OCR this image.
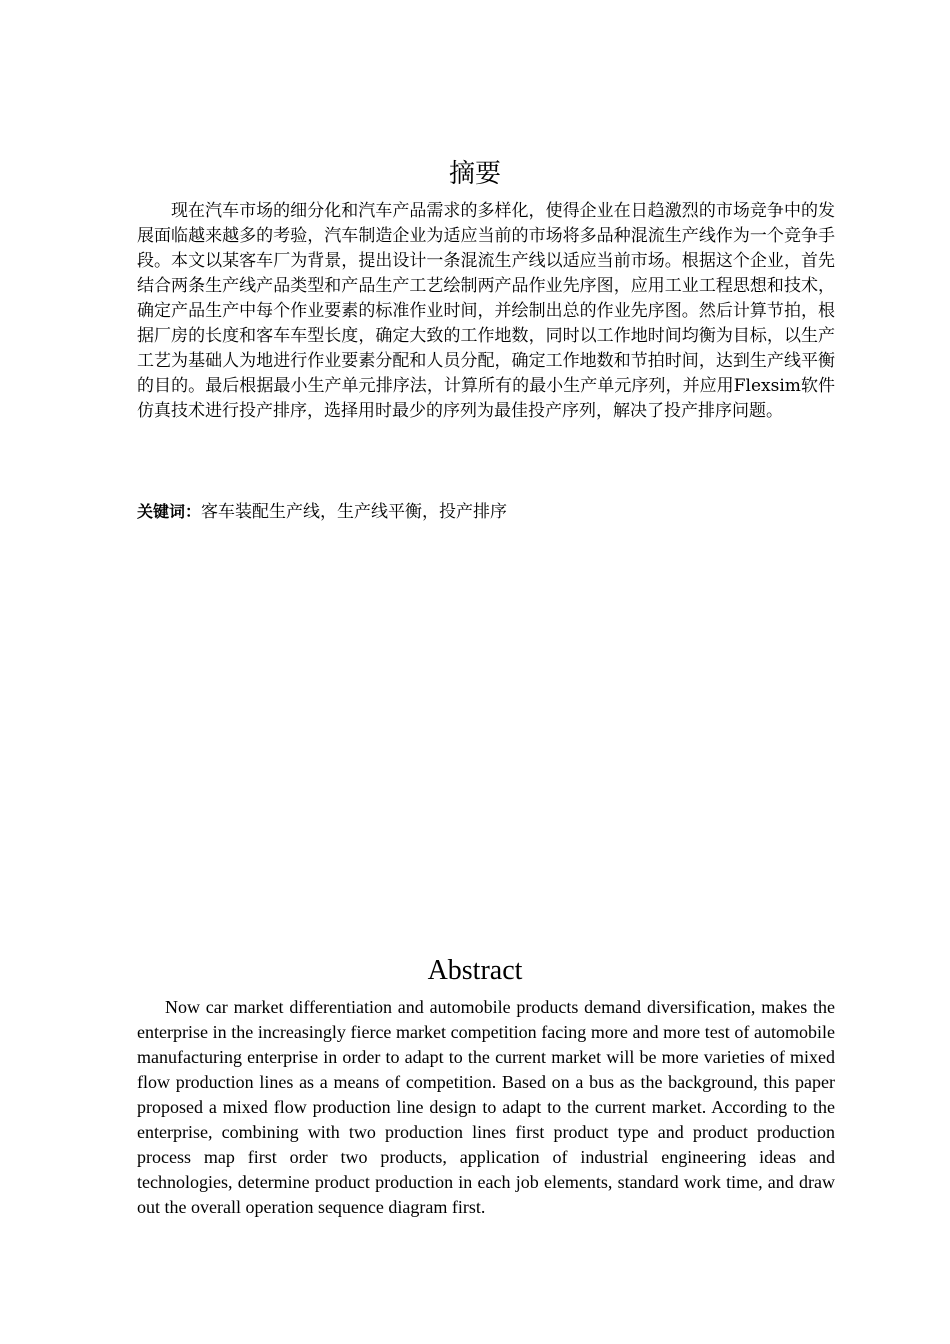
摘要

现在汽车市场的细分化和汽车产品需求的多样化，使得企业在日趋激烈的市场竞争中的发展面临越来越多的考验，汽车制造企业为适应当前的市场将多品种混流生产线作为一个竞争手段。本文以某客车厂为背景，提出设计一条混流生产线以适应当前市场。根据这个企业，首先结合两条生产线产品类型和产品生产工艺绘制两产品作业先序图，应用工业工程思想和技术，确定产品生产中每个作业要素的标准作业时间，并绘制出总的作业先序图。然后计算节拍，根据厂房的长度和客车车型长度，确定大致的工作地数，同时以工作地时间均衡为目标，以生产工艺为基础人为地进行作业要素分配和人员分配，确定工作地数和节拍时间，达到生产线平衡的目的。最后根据最小生产单元排序法，计算所有的最小生产单元序列，并应用Flexsim软件仿真技术进行投产排序，选择用时最少的序列为最佳投产序列，解决了投产排序问题。

关键词：客车装配生产线，生产线平衡，投产排序

Abstract

Now car market differentiation and automobile products demand diversification, makes the enterprise in the increasingly fierce market competition facing more and more test of automobile manufacturing enterprise in order to adapt to the current market will be more varieties of mixed flow production lines as a means of competition. Based on a bus as the background, this paper proposed a mixed flow production line design to adapt to the current market. According to the enterprise, combining with two production lines first product type and product production process map first order two products, application of industrial engineering ideas and technologies, determine product production in each job elements, standard work time, and draw out the overall operation sequence diagram first.
